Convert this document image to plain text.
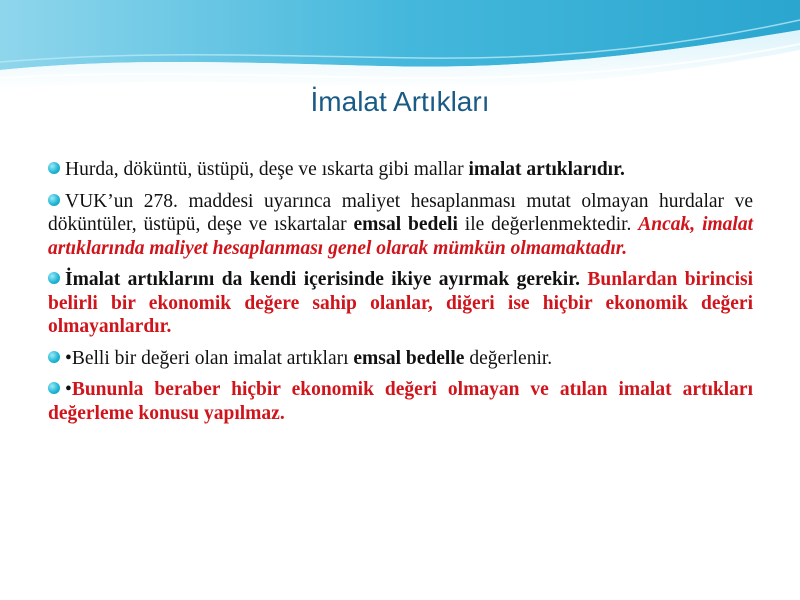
İmalat Artıkları
Hurda, döküntü, üstüpü, deşe ve ıskarta gibi mallar imalat artıklarıdır.
VUK’un 278. maddesi uyarınca maliyet hesaplanması mutat olmayan hurdalar ve döküntüler, üstüpü, deşe ve ıskartalar emsal bedeli ile değerlenmektedir. Ancak, imalat artıklarında maliyet hesaplanması genel olarak mümkün olmamaktadır.
İmalat artıklarını da kendi içerisinde ikiye ayırmak gerekir. Bunlardan birincisi belirli bir ekonomik değere sahip olanlar, diğeri ise hiçbir ekonomik değeri olmayanlardır.
•Belli bir değeri olan imalat artıkları emsal bedelle değerlenir.
•Bununla beraber hiçbir ekonomik değeri olmayan ve atılan imalat artıkları değerleme konusu yapılmaz.
